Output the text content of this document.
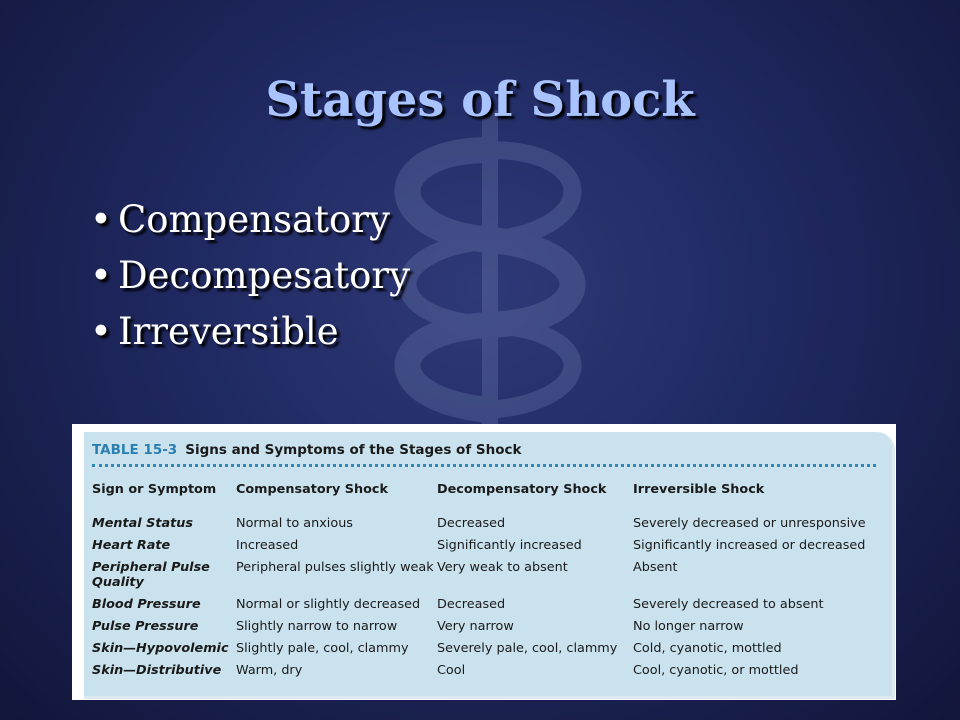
Stages of Shock
• Compensatory
• Decompesatory
• Irreversible
TABLE 15-3 Signs and Symptoms of the Stages of Shock
Sign or Symptom	Compensatory Shock	Decompensatory Shock	Irreversible Shock
Mental Status	Normal to anxious	Decreased	Severely decreased or unresponsive
Heart Rate	Increased	Significantly increased	Significantly increased or decreased
Peripheral Pulse Quality	Peripheral pulses slightly weak	Very weak to absent	Absent
Blood Pressure	Normal or slightly decreased	Decreased	Severely decreased to absent
Pulse Pressure	Slightly narrow to narrow	Very narrow	No longer narrow
Skin—Hypovolemic	Slightly pale, cool, clammy	Severely pale, cool, clammy	Cold, cyanotic, mottled
Skin—Distributive	Warm, dry	Cool	Cool, cyanotic, or mottled
